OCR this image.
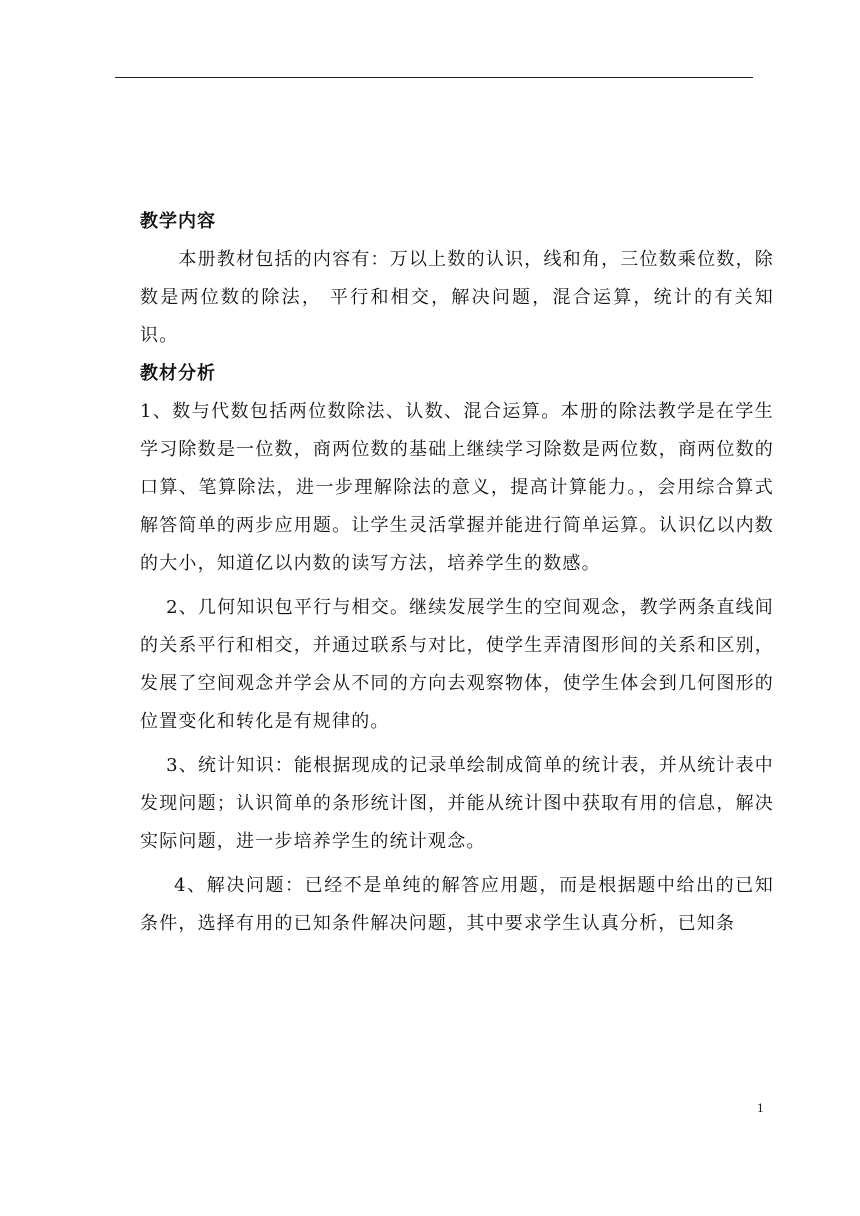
教学内容

　　本册教材包括的内容有：万以上数的认识，线和角，三位数乘位数，除数是两位数的除法， 平行和相交，解决问题，混合运算，统计的有关知识。

教材分析

1、数与代数包括两位数除法、认数、混合运算。本册的除法教学是在学生学习除数是一位数，商两位数的基础上继续学习除数是两位数，商两位数的口算、笔算除法，进一步理解除法的意义，提高计算能力。，会用综合算式解答简单的两步应用题。让学生灵活掌握并能进行简单运算。认识亿以内数的大小，知道亿以内数的读写方法，培养学生的数感。

　 2、几何知识包平行与相交。继续发展学生的空间观念，教学两条直线间的关系平行和相交，并通过联系与对比，使学生弄清图形间的关系和区别，发展了空间观念并学会从不同的方向去观察物体，使学生体会到几何图形的位置变化和转化是有规律的。

　 3、统计知识：能根据现成的记录单绘制成简单的统计表，并从统计表中发现问题；认识简单的条形统计图，并能从统计图中获取有用的信息，解决实际问题，进一步培养学生的统计观念。

　  4、解决问题：已经不是单纯的解答应用题，而是根据题中给出的已知条件，选择有用的已知条件解决问题，其中要求学生认真分析，已知条

1
